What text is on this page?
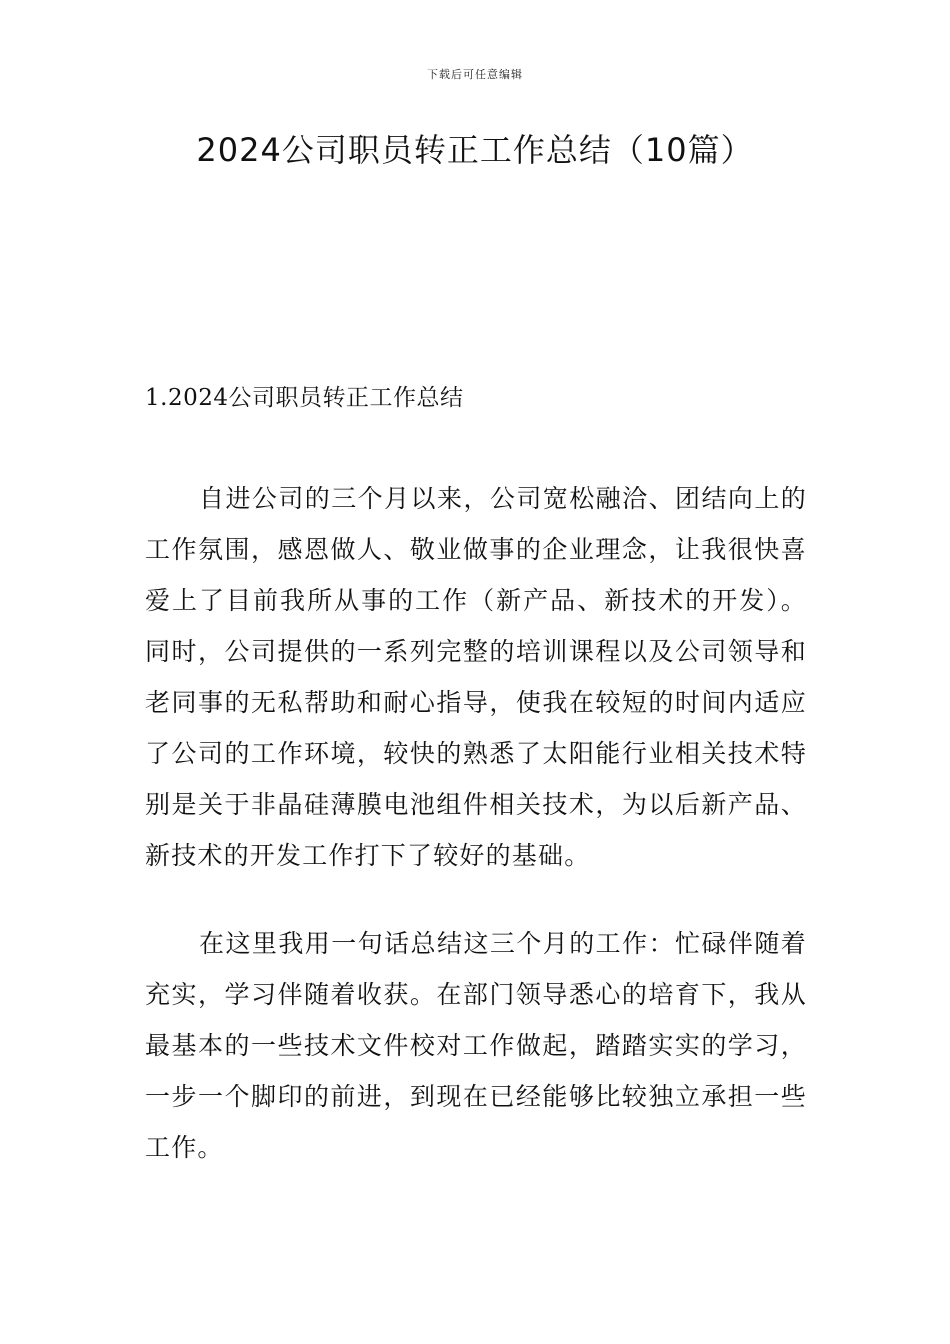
下载后可任意编辑
2024公司职员转正工作总结（10篇）
1.2024公司职员转正工作总结

自进公司的三个月以来，公司宽松融洽、团结向上的工作氛围，感恩做人、敬业做事的企业理念，让我很快喜爱上了目前我所从事的工作（新产品、新技术的开发）。同时，公司提供的一系列完整的培训课程以及公司领导和老同事的无私帮助和耐心指导，使我在较短的时间内适应了公司的工作环境，较快的熟悉了太阳能行业相关技术特别是关于非晶硅薄膜电池组件相关技术，为以后新产品、新技术的开发工作打下了较好的基础。

在这里我用一句话总结这三个月的工作：忙碌伴随着充实，学习伴随着收获。在部门领导悉心的培育下，我从最基本的一些技术文件校对工作做起，踏踏实实的学习，一步一个脚印的前进，到现在已经能够比较独立承担一些工作。
